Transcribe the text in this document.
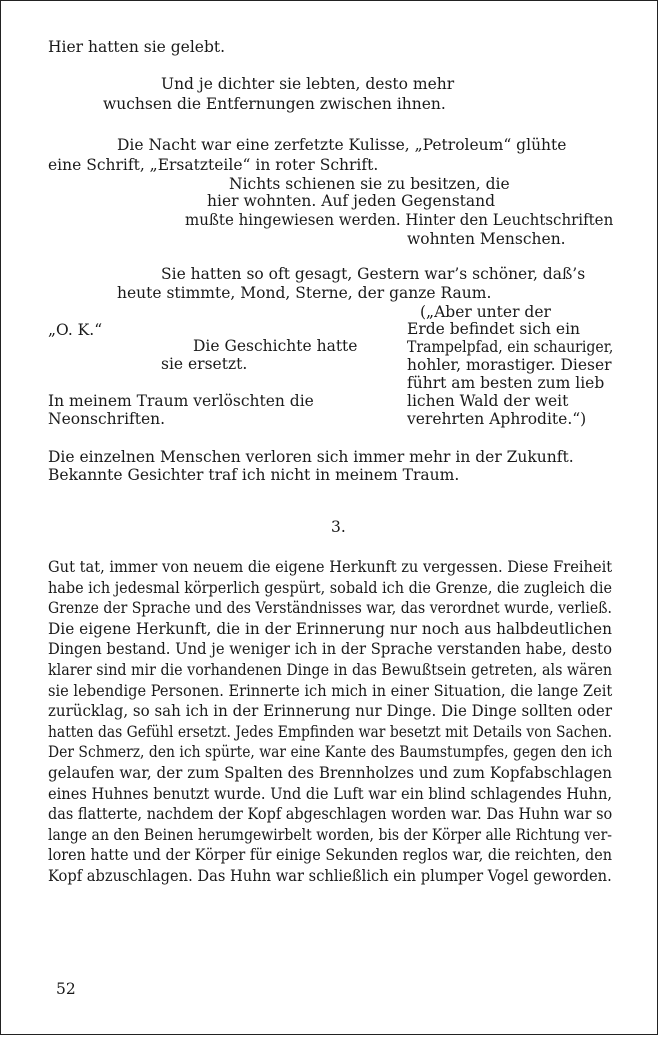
Hier hatten sie gelebt.

Und je dichter sie lebten, desto mehr

wuchsen die Entfernungen zwischen ihnen.

Die Nacht war eine zerfetzte Kulisse, „Petroleum“ glühte

eine Schrift, „Ersatzteile“ in roter Schrift.

Nichts schienen sie zu besitzen, die

hier wohnten. Auf jeden Gegenstand

mußte hingewiesen werden. Hinter den Leuchtschriften

wohnten Menschen.

Sie hatten so oft gesagt, Gestern war’s schöner, daß’s

heute stimmte, Mond, Sterne, der ganze Raum.

„O. K.“

Die Geschichte hatte

sie ersetzt.

In meinem Traum verlöschten die

Neonschriften.

(„Aber unter der

Erde befindet sich ein

Trampelpfad, ein schauriger,

hohler, morastiger. Dieser

führt am besten zum lieb

lichen Wald der weit

verehrten Aphrodite.“)

Die einzelnen Menschen verloren sich immer mehr in der Zukunft.

Bekannte Gesichter traf ich nicht in meinem Traum.

3.
Gut tat, immer von neuem die eigene Herkunft zu vergessen. Diese Freiheit
habe ich jedesmal körperlich gespürt, sobald ich die Grenze, die zugleich die
Grenze der Sprache und des Verständnisses war, das verordnet wurde, verließ.
Die eigene Herkunft, die in der Erinnerung nur noch aus halbdeutlichen
Dingen bestand. Und je weniger ich in der Sprache verstanden habe, desto
klarer sind mir die vorhandenen Dinge in das Bewußtsein getreten, als wären
sie lebendige Personen. Erinnerte ich mich in einer Situation, die lange Zeit
zurücklag, so sah ich in der Erinnerung nur Dinge. Die Dinge sollten oder
hatten das Gefühl ersetzt. Jedes Empfinden war besetzt mit Details von Sachen.
Der Schmerz, den ich spürte, war eine Kante des Baumstumpfes, gegen den ich
gelaufen war, der zum Spalten des Brennholzes und zum Kopfabschlagen
eines Huhnes benutzt wurde. Und die Luft war ein blind schlagendes Huhn,
das flatterte, nachdem der Kopf abgeschlagen worden war. Das Huhn war so
lange an den Beinen herumgewirbelt worden, bis der Körper alle Richtung ver-
loren hatte und der Körper für einige Sekunden reglos war, die reichten, den
Kopf abzuschlagen. Das Huhn war schließlich ein plumper Vogel geworden.
52
